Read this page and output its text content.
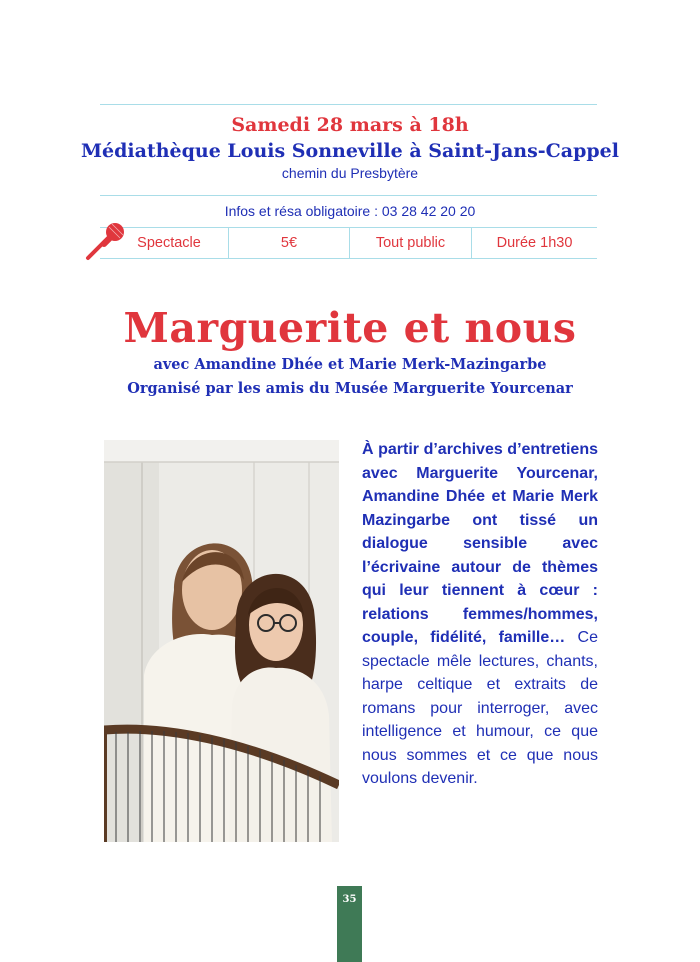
Samedi 28 mars à 18h
Médiathèque Louis Sonneville à Saint-Jans-Cappel
chemin du Presbytère
Infos et résa obligatoire : 03 28 42 20 20
Spectacle	5€	Tout public	Durée 1h30
Marguerite et nous
avec Amandine Dhée et Marie Merk-Mazingarbe
Organisé par les amis du Musée Marguerite Yourcenar
À partir d’archives d’entretiens avec Marguerite Yourcenar, Amandine Dhée et Marie Merk Mazingarbe ont tissé un dialogue sensible avec l’écrivaine autour de thèmes qui leur tiennent à cœur : relations femmes/hommes, couple, fidélité, famille… Ce spectacle mêle lectures, chants, harpe celtique et extraits de romans pour interroger, avec intelligence et humour, ce que nous sommes et ce que nous voulons devenir.
35
